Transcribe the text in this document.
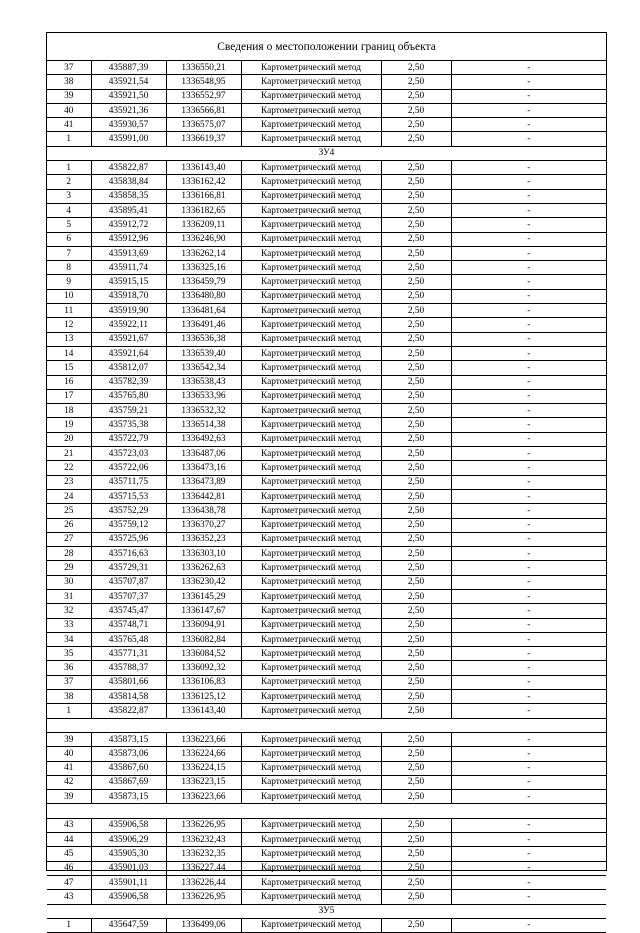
Сведения о местоположении границ объекта
37	435887,39	1336550,21	Картометрический метод	2,50	-
38	435921,54	1336548,95	Картометрический метод	2,50	-
39	435921,50	1336552,97	Картометрический метод	2,50	-
40	435921,36	1336566,81	Картометрический метод	2,50	-
41	435930,57	1336575,07	Картометрический метод	2,50	-
1	435991,00	1336619,37	Картометрический метод	2,50	-
ЗУ4					
1	435822,87	1336143,40	Картометрический метод	2,50	-
2	435838,84	1336162,42	Картометрический метод	2,50	-
3	435858,35	1336166,81	Картометрический метод	2,50	-
4	435895,41	1336182,65	Картометрический метод	2,50	-
5	435912,72	1336209,11	Картометрический метод	2,50	-
6	435912,96	1336246,90	Картометрический метод	2,50	-
7	435913,69	1336262,14	Картометрический метод	2,50	-
8	435911,74	1336325,16	Картометрический метод	2,50	-
9	435915,15	1336459,79	Картометрический метод	2,50	-
10	435918,70	1336480,80	Картометрический метод	2,50	-
11	435919,90	1336481,64	Картометрический метод	2,50	-
12	435922,11	1336491,46	Картометрический метод	2,50	-
13	435921,67	1336536,38	Картометрический метод	2,50	-
14	435921,64	1336539,40	Картометрический метод	2,50	-
15	435812,07	1336542,34	Картометрический метод	2,50	-
16	435782,39	1336538,43	Картометрический метод	2,50	-
17	435765,80	1336533,96	Картометрический метод	2,50	-
18	435759,21	1336532,32	Картометрический метод	2,50	-
19	435735,38	1336514,38	Картометрический метод	2,50	-
20	435722,79	1336492,63	Картометрический метод	2,50	-
21	435723,03	1336487,06	Картометрический метод	2,50	-
22	435722,06	1336473,16	Картометрический метод	2,50	-
23	435711,75	1336473,89	Картометрический метод	2,50	-
24	435715,53	1336442,81	Картометрический метод	2,50	-
25	435752,29	1336438,78	Картометрический метод	2,50	-
26	435759,12	1336370,27	Картометрический метод	2,50	-
27	435725,96	1336352,23	Картометрический метод	2,50	-
28	435716,63	1336303,10	Картометрический метод	2,50	-
29	435729,31	1336262,63	Картометрический метод	2,50	-
30	435707,87	1336230,42	Картометрический метод	2,50	-
31	435707,37	1336145,29	Картометрический метод	2,50	-
32	435745,47	1336147,67	Картометрический метод	2,50	-
33	435748,71	1336094,91	Картометрический метод	2,50	-
34	435765,48	1336082,84	Картометрический метод	2,50	-
35	435771,31	1336084,52	Картометрический метод	2,50	-
36	435788,37	1336092,32	Картометрический метод	2,50	-
37	435801,66	1336106,83	Картометрический метод	2,50	-
38	435814,58	1336125,12	Картометрический метод	2,50	-
1	435822,87	1336143,40	Картометрический метод	2,50	-

39	435873,15	1336223,66	Картометрический метод	2,50	-
40	435873,06	1336224,66	Картометрический метод	2,50	-
41	435867,60	1336224,15	Картометрический метод	2,50	-
42	435867,69	1336223,15	Картометрический метод	2,50	-
39	435873,15	1336223,66	Картометрический метод	2,50	-

43	435906,58	1336226,95	Картометрический метод	2,50	-
44	435906,29	1336232,43	Картометрический метод	2,50	-
45	435905,30	1336232,35	Картометрический метод	2,50	-
46	435901,03	1336227,44	Картометрический метод	2,50	-
47	435901,11	1336226,44	Картометрический метод	2,50	-
43	435906,58	1336226,95	Картометрический метод	2,50	-
ЗУ5					
1	435647,59	1336499,06	Картометрический метод	2,50	-
